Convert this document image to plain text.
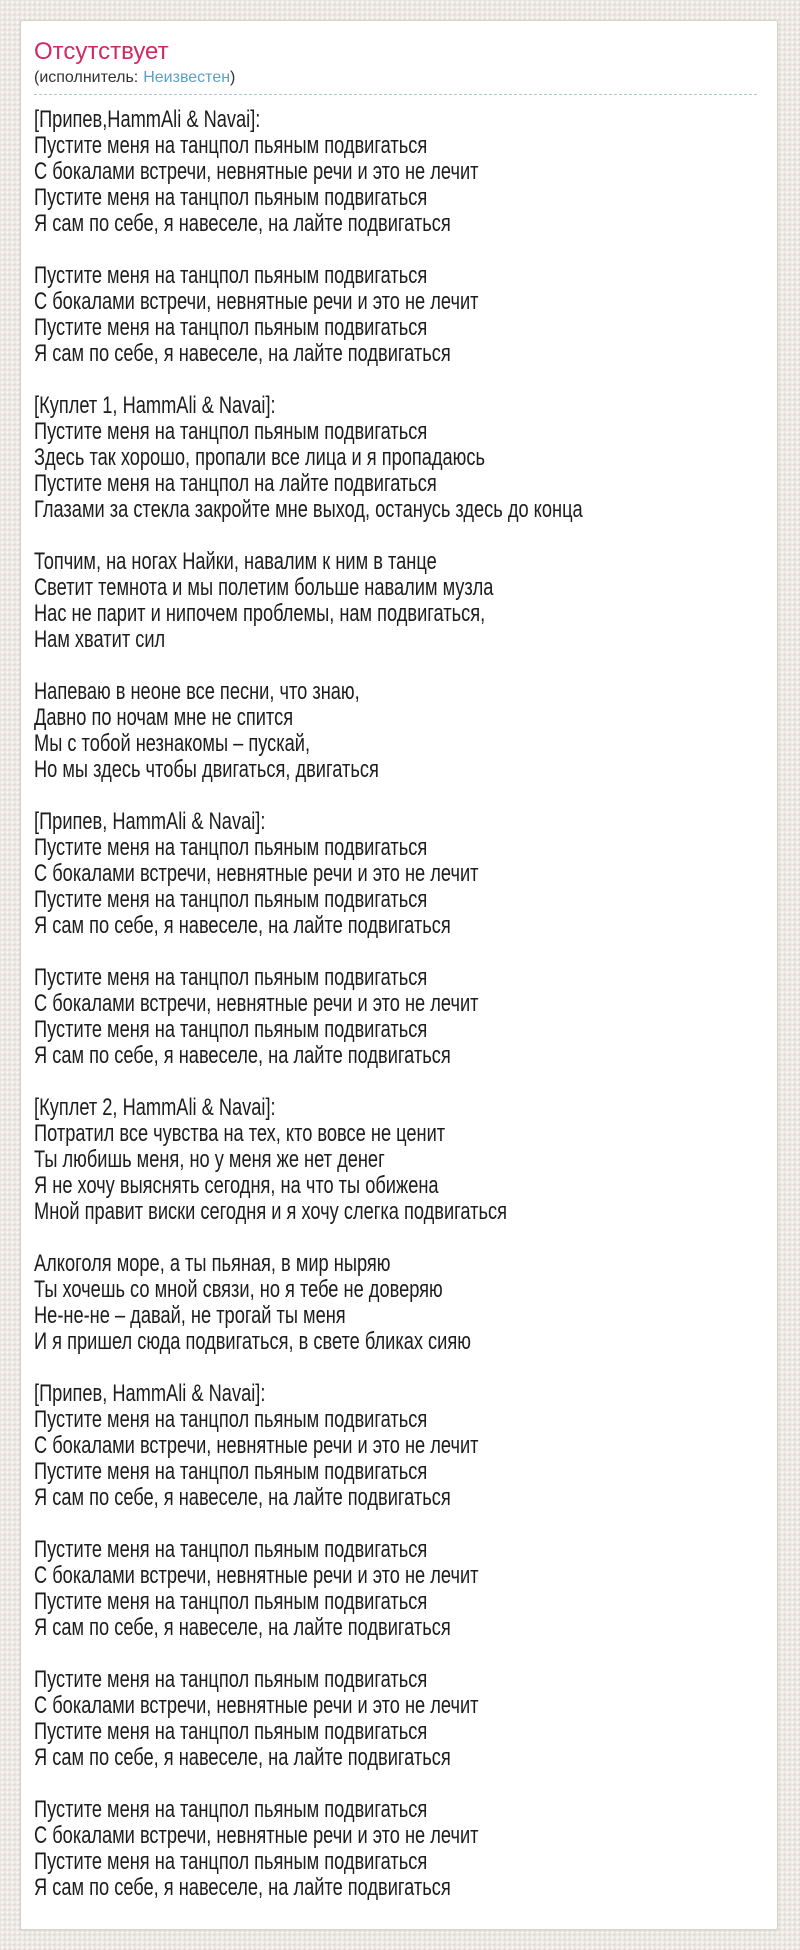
Отсутствует
(исполнитель: Неизвестен)
[Припев,HammAli & Navai]:
Пустите меня на танцпол пьяным подвигаться
С бокалами встречи, невнятные речи и это не лечит
Пустите меня на танцпол пьяным подвигаться
Я сам по себе, я навеселе, на лайте подвигаться
Пустите меня на танцпол пьяным подвигаться
С бокалами встречи, невнятные речи и это не лечит
Пустите меня на танцпол пьяным подвигаться
Я сам по себе, я навеселе, на лайте подвигаться
[Куплет 1, HammAli & Navai]:
Пустите меня на танцпол пьяным подвигаться
Здесь так хорошо, пропали все лица и я пропадаюсь
Пустите меня на танцпол на лайте подвигаться
Глазами за стекла закройте мне выход, останусь здесь до конца
Топчим, на ногах Найки, навалим к ним в танце
Светит темнота и мы полетим больше навалим музла
Нас не парит и нипочем проблемы, нам подвигаться,
Нам хватит сил
Напеваю в неоне все песни, что знаю,
Давно по ночам мне не спится
Мы с тобой незнакомы – пускай,
Но мы здесь чтобы двигаться, двигаться
[Припев, HammAli & Navai]:
Пустите меня на танцпол пьяным подвигаться
С бокалами встречи, невнятные речи и это не лечит
Пустите меня на танцпол пьяным подвигаться
Я сам по себе, я навеселе, на лайте подвигаться
Пустите меня на танцпол пьяным подвигаться
С бокалами встречи, невнятные речи и это не лечит
Пустите меня на танцпол пьяным подвигаться
Я сам по себе, я навеселе, на лайте подвигаться
[Куплет 2, HammAli & Navai]:
Потратил все чувства на тех, кто вовсе не ценит
Ты любишь меня, но у меня же нет денег
Я не хочу выяснять сегодня, на что ты обижена
Мной правит виски сегодня и я хочу слегка подвигаться
Алкоголя море, а ты пьяная, в мир ныряю
Ты хочешь со мной связи, но я тебе не доверяю
Не-не-не – давай, не трогай ты меня
И я пришел сюда подвигаться, в свете бликах сияю
[Припев, HammAli & Navai]:
Пустите меня на танцпол пьяным подвигаться
С бокалами встречи, невнятные речи и это не лечит
Пустите меня на танцпол пьяным подвигаться
Я сам по себе, я навеселе, на лайте подвигаться
Пустите меня на танцпол пьяным подвигаться
С бокалами встречи, невнятные речи и это не лечит
Пустите меня на танцпол пьяным подвигаться
Я сам по себе, я навеселе, на лайте подвигаться
Пустите меня на танцпол пьяным подвигаться
С бокалами встречи, невнятные речи и это не лечит
Пустите меня на танцпол пьяным подвигаться
Я сам по себе, я навеселе, на лайте подвигаться
Пустите меня на танцпол пьяным подвигаться
С бокалами встречи, невнятные речи и это не лечит
Пустите меня на танцпол пьяным подвигаться
Я сам по себе, я навеселе, на лайте подвигаться
